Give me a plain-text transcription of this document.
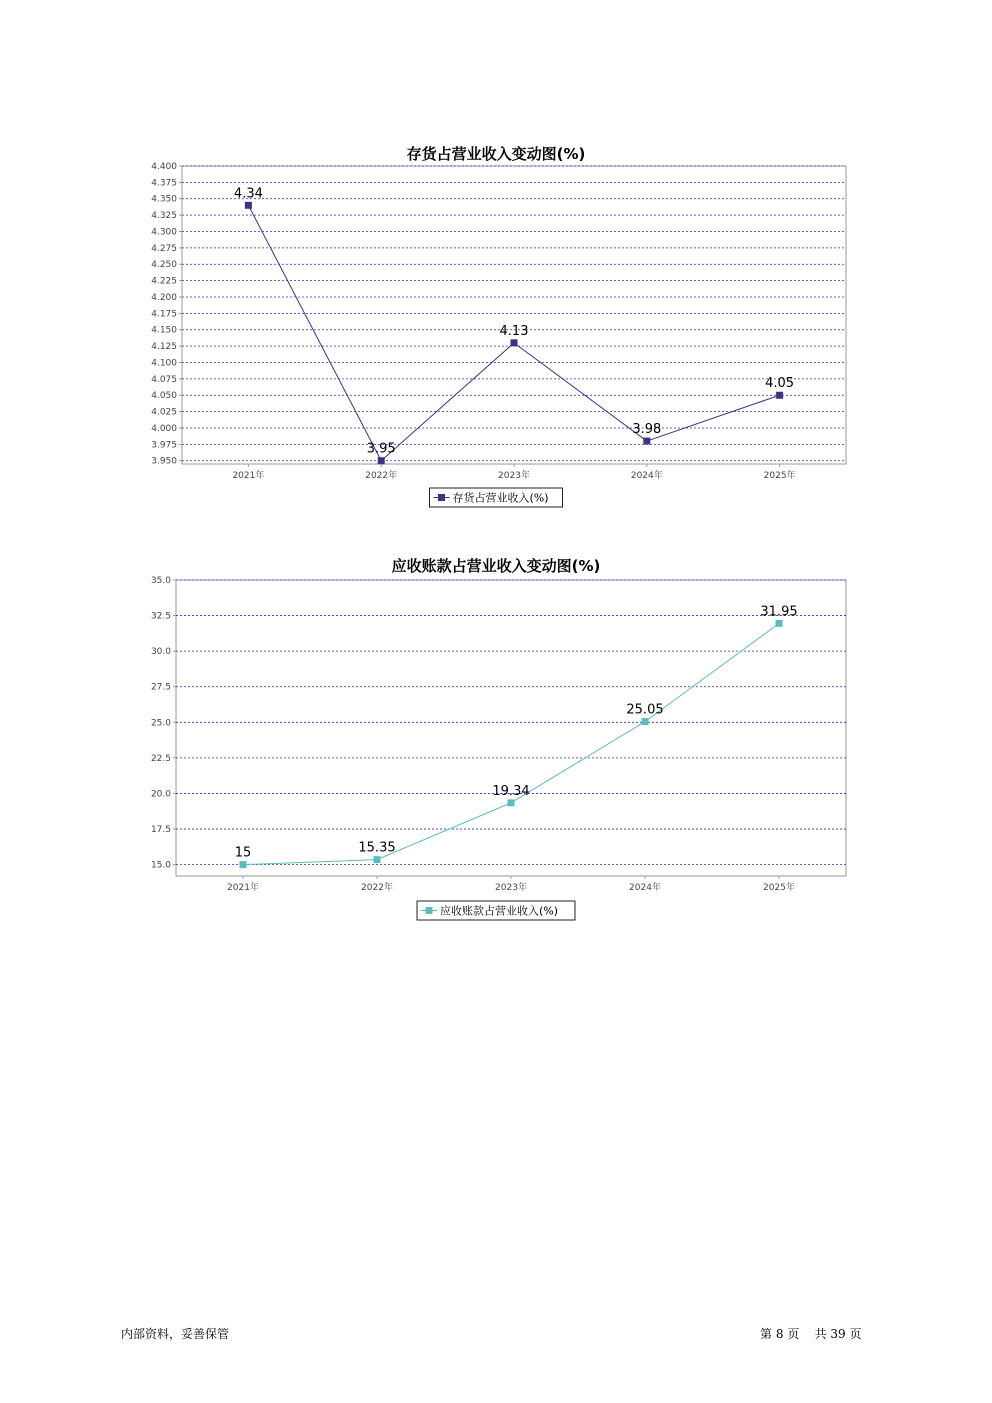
存货占营业收入变动图(%)
3.950
3.975
4.000
4.025
4.050
4.075
4.100
4.125
4.150
4.175
4.200
4.225
4.250
4.275
4.300
4.325
4.350
4.375
4.400
2021年	2022年	2023年	2024年	2025年
4.34
3.95
4.13
3.98
4.05
存货占营业收入(%)
应收账款占营业收入变动图(%)
15.0
17.5
20.0
22.5
25.0
27.5
30.0
32.5
35.0
2021年	2022年	2023年	2024年	2025年
15	15.35
19.34
25.05
31.95
应收账款占营业收入(%)
内部资料，妥善保管	第 8 页    共 39 页
